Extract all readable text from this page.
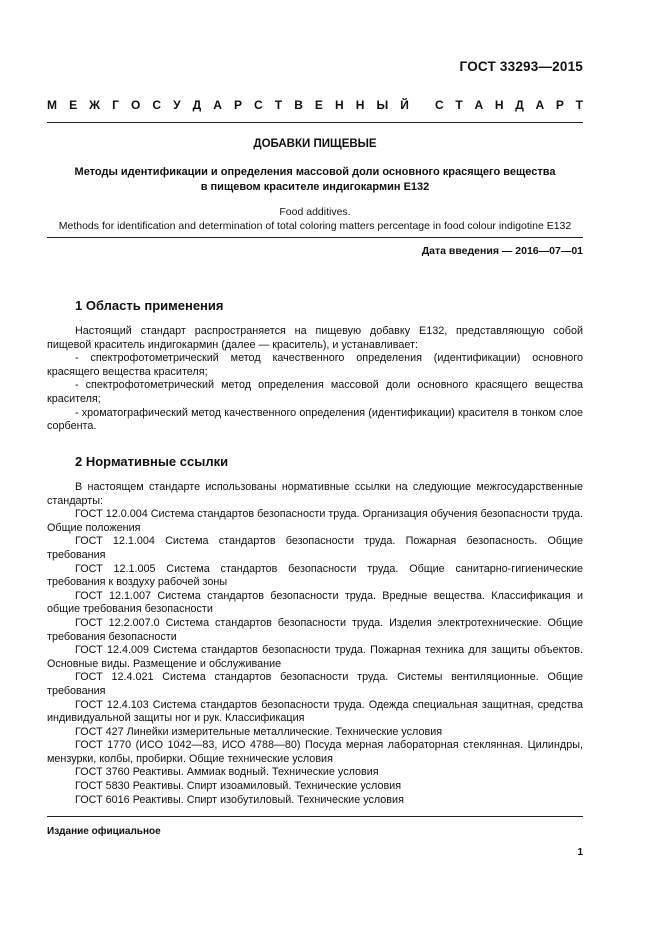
ГОСТ 33293—2015
М Е Ж Г О С У Д А Р С Т В Е Н Н Ы Й С Т А Н Д А Р Т
ДОБАВКИ ПИЩЕВЫЕ
Методы идентификации и определения массовой доли основного красящего вещества
в пищевом красителе индигокармин Е132
Food additives.
Methods for identification and determination of total coloring matters percentage in food colour indigotine E132
Дата введения — 2016—07—01
1 Область применения

Настоящий стандарт распространяется на пищевую добавку Е132, представляющую собой пищевой краситель индигокармин (далее — краситель), и устанавливает:

- спектрофотометрический метод качественного определения (идентификации) основного красящего вещества красителя;

- спектрофотометрический метод определения массовой доли основного красящего вещества красителя;

- хроматографический метод качественного определения (идентификации) красителя в тонком слое сорбента.

2 Нормативные ссылки

В настоящем стандарте использованы нормативные ссылки на следующие межгосударственные стандарты:

ГОСТ 12.0.004 Система стандартов безопасности труда. Организация обучения безопасности труда. Общие положения

ГОСТ 12.1.004 Система стандартов безопасности труда. Пожарная безопасность. Общие требования

ГОСТ 12.1.005 Система стандартов безопасности труда. Общие санитарно-гигиенические требования к воздуху рабочей зоны

ГОСТ 12.1.007 Система стандартов безопасности труда. Вредные вещества. Классификация и общие требования безопасности

ГОСТ 12.2.007.0 Система стандартов безопасности труда. Изделия электротехнические. Общие требования безопасности

ГОСТ 12.4.009 Система стандартов безопасности труда. Пожарная техника для защиты объектов. Основные виды. Размещение и обслуживание

ГОСТ 12.4.021 Система стандартов безопасности труда. Системы вентиляционные. Общие требования

ГОСТ 12.4.103 Система стандартов безопасности труда. Одежда специальная защитная, средства индивидуальной защиты ног и рук. Классификация

ГОСТ 427 Линейки измерительные металлические. Технические условия

ГОСТ 1770 (ИСО 1042—83, ИСО 4788—80) Посуда мерная лабораторная стеклянная. Цилиндры, мензурки, колбы, пробирки. Общие технические условия

ГОСТ 3760 Реактивы. Аммиак водный. Технические условия

ГОСТ 5830 Реактивы. Спирт изоамиловый. Технические условия

ГОСТ 6016 Реактивы. Спирт изобутиловый. Технические условия

Издание официальное
1
